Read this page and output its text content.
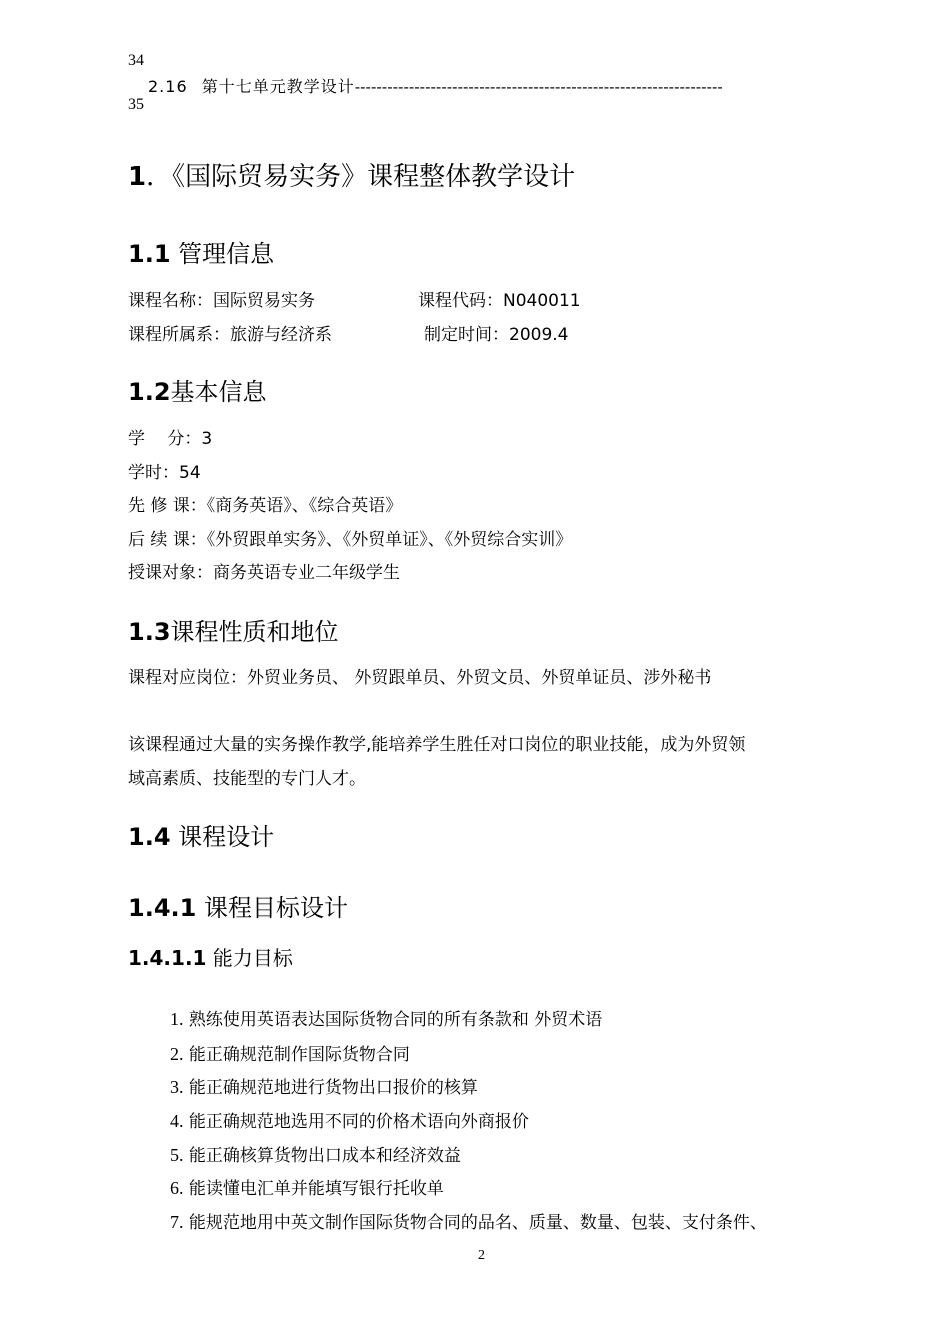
34
2.16 第十七单元教学设计--------------------------------------------------------------------
35
1．《国际贸易实务》课程整体教学设计
1.1 管理信息
课程名称：国际贸易实务	课程代码：N040011
课程所属系：旅游与经济系	制定时间：2009.4
1.2基本信息
学　 分：3
学时：54
先 修 课：《商务英语》、《综合英语》
后 续 课：《外贸跟单实务》、《外贸单证》、《外贸综合实训》
授课对象：商务英语专业二年级学生
1.3课程性质和地位
课程对应岗位：外贸业务员、 外贸跟单员、外贸文员、外贸单证员、涉外秘书
该课程通过大量的实务操作教学,能培养学生胜任对口岗位的职业技能，成为外贸领
域高素质、技能型的专门人才。
1.4 课程设计
1.4.1 课程目标设计
1.4.1.1 能力目标
1. 熟练使用英语表达国际货物合同的所有条款和 外贸术语
2. 能正确规范制作国际货物合同
3. 能正确规范地进行货物出口报价的核算
4. 能正确规范地选用不同的价格术语向外商报价
5. 能正确核算货物出口成本和经济效益
6. 能读懂电汇单并能填写银行托收单
7. 能规范地用中英文制作国际货物合同的品名、质量、数量、包装、支付条件、
2
